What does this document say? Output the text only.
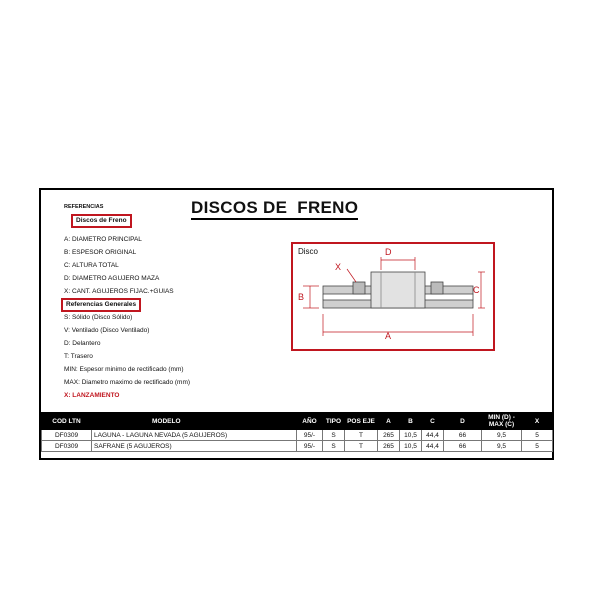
DISCOS DE  FRENO
REFERENCIAS
Discos de Freno
A: DIAMETRO PRINCIPAL
B: ESPESOR ORIGINAL
C: ALTURA TOTAL
D: DIAMETRO AGUJERO MAZA
X: CANT. AGUJEROS FIJAC.+GUIAS
Referencias Generales
S: Sólido (Disco Sólido)
V: Ventilado (Disco Ventilado)
D: Delantero
T: Trasero
MIN: Espesor minimo de rectificado (mm)
MAX: Diametro maximo de rectificado (mm)
X: LANZAMIENTO
Disco	D
X
C
B
A
COD LTN	MODELO	AÑO	TIPO	POS EJE	A	B	C	D	MIN (D) - MAX (C)	X
DF0309	LAGUNA - LAGUNA NEVADA (5 AGUJEROS)	95/-	S	T	265	10,5	44,4	66	9,5	5
DF0309	SAFRANE (5 AGUJEROS)	95/-	S	T	265	10,5	44,4	66	9,5	5
